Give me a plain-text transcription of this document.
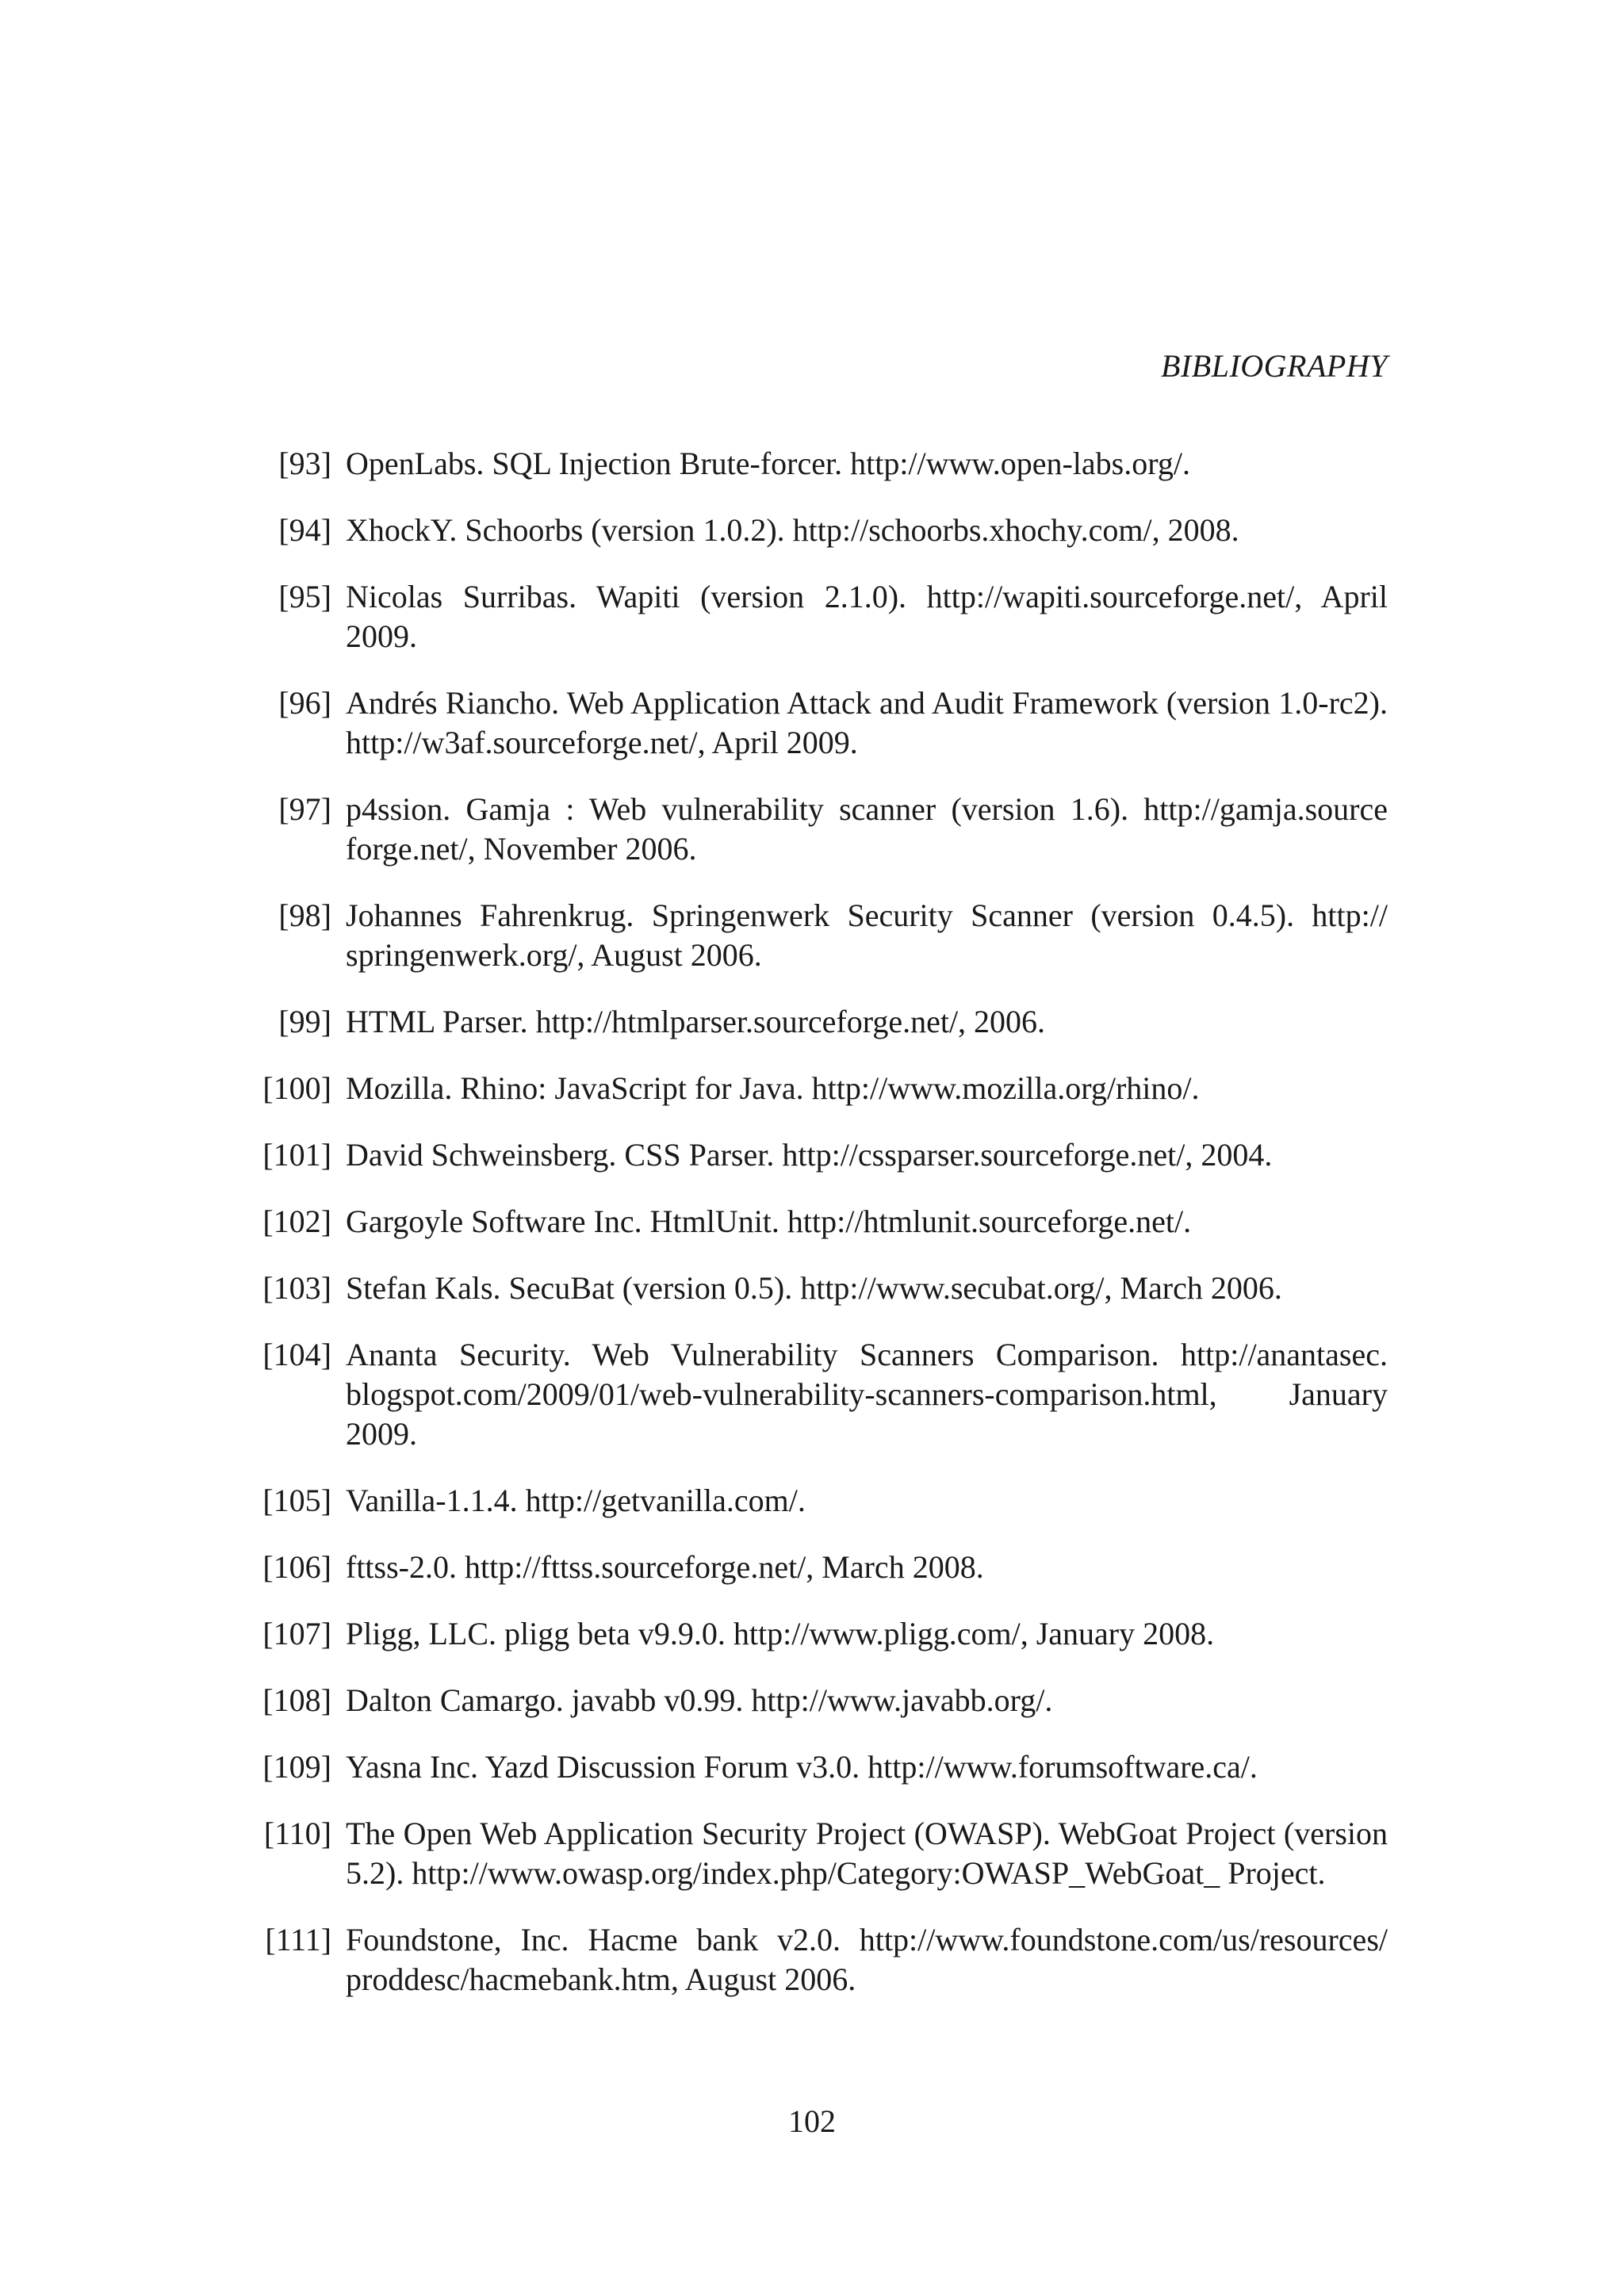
BIBLIOGRAPHY
[93] OpenLabs. SQL Injection Brute-forcer. http://www.open-labs.org/.
[94] XhockY. Schoorbs (version 1.0.2). http://schoorbs.xhochy.com/, 2008.
[95] Nicolas Surribas. Wapiti (version 2.1.0). http://wapiti.sourceforge.net/, April 2009.
[96] Andrés Riancho. Web Application Attack and Audit Framework (version 1.0-rc2). http://w3af.sourceforge.net/, April 2009.
[97] p4ssion. Gamja : Web vulnerability scanner (version 1.6). http://gamja.source forge.net/, November 2006.
[98] Johannes Fahrenkrug. Springenwerk Security Scanner (version 0.4.5). http:// springenwerk.org/, August 2006.
[99] HTML Parser. http://htmlparser.sourceforge.net/, 2006.
[100] Mozilla. Rhino: JavaScript for Java. http://www.mozilla.org/rhino/.
[101] David Schweinsberg. CSS Parser. http://cssparser.sourceforge.net/, 2004.
[102] Gargoyle Software Inc. HtmlUnit. http://htmlunit.sourceforge.net/.
[103] Stefan Kals. SecuBat (version 0.5). http://www.secubat.org/, March 2006.
[104] Ananta Security. Web Vulnerability Scanners Comparison. http://anantasec. blogspot.com/2009/01/web-vulnerability-scanners-comparison.html, January 2009.
[105] Vanilla-1.1.4. http://getvanilla.com/.
[106] fttss-2.0. http://fttss.sourceforge.net/, March 2008.
[107] Pligg, LLC. pligg beta v9.9.0. http://www.pligg.com/, January 2008.
[108] Dalton Camargo. javabb v0.99. http://www.javabb.org/.
[109] Yasna Inc. Yazd Discussion Forum v3.0. http://www.forumsoftware.ca/.
[110] The Open Web Application Security Project (OWASP). WebGoat Project (version 5.2). http://www.owasp.org/index.php/Category:OWASP_WebGoat_ Project.
[111] Foundstone, Inc. Hacme bank v2.0. http://www.foundstone.com/us/resources/ proddesc/hacmebank.htm, August 2006.
102
